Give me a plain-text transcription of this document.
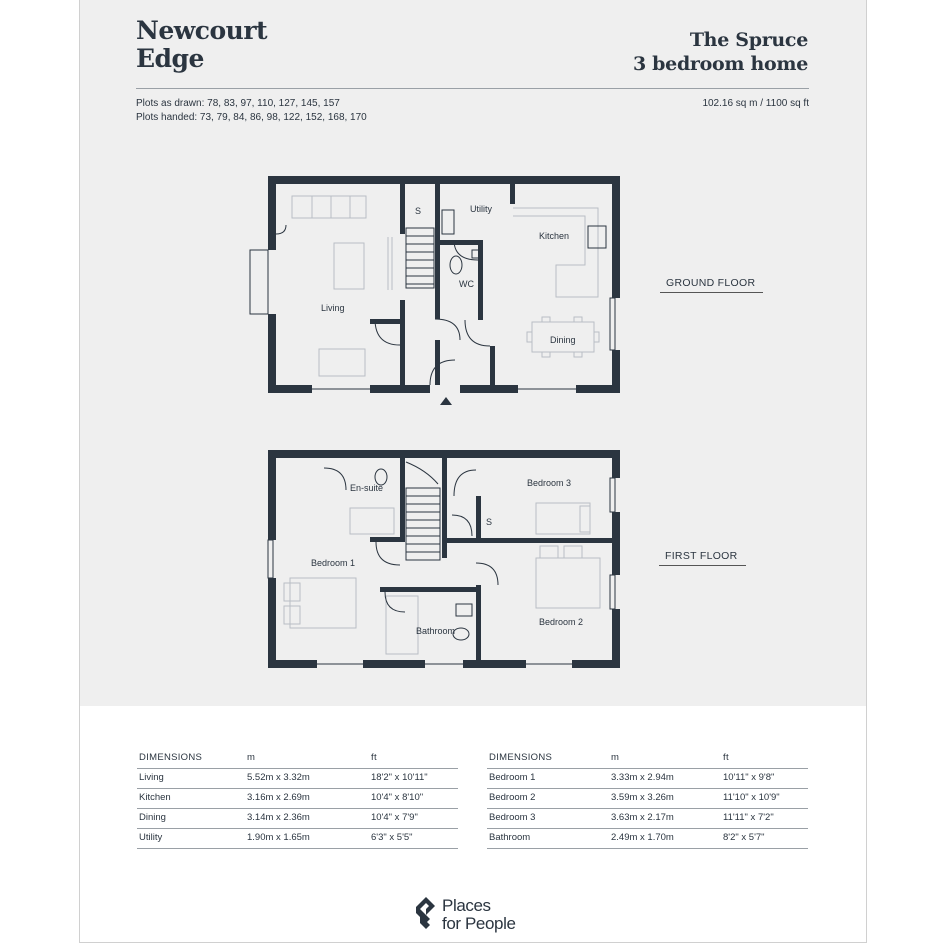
Newcourt
Edge
The Spruce
3 bedroom home
Plots as drawn: 78, 83, 97, 110, 127, 145, 157
Plots handed: 73, 79, 84, 86, 98, 122, 152, 168, 170
102.16 sq m / 1100 sq ft
Living
S	Utility
Kitchen
WC
Dining
En-suite
Bedroom 1
Bedroom 3
S
Bedroom 2
Bathroom
GROUND FLOOR
FIRST FLOOR
DIMENSIONS	m	ft
Living	5.52m x 3.32m	18'2" x 10'11"
Kitchen	3.16m x 2.69m	10'4" x 8'10"
Dining	3.14m x 2.36m	10'4" x 7'9"
Utility	1.90m x 1.65m	6'3" x 5'5"
DIMENSIONS	m	ft
Bedroom 1	3.33m x 2.94m	10'11" x 9'8"
Bedroom 2	3.59m x 3.26m	11'10" x 10'9"
Bedroom 3	3.63m x 2.17m	11'11" x 7'2"
Bathroom	2.49m x 1.70m	8'2" x 5'7"
Places
for People
